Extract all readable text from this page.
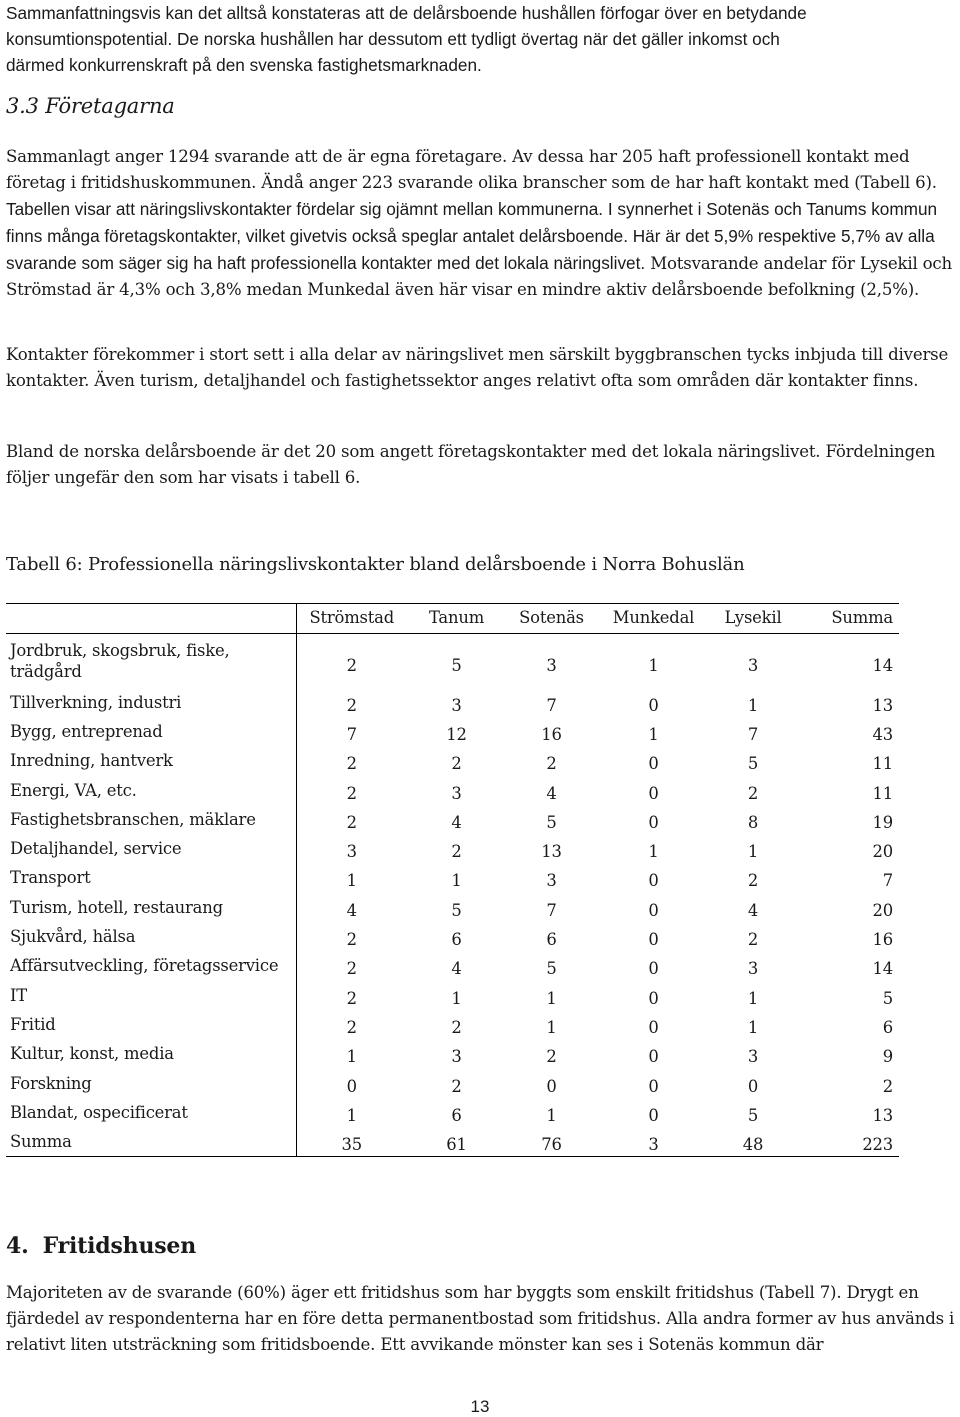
Sammanfattningsvis kan det alltså konstateras att de delårsboende hushållen förfogar över en betydande
konsumtionspotential. De norska hushållen har dessutom ett tydligt övertag när det gäller inkomst och
därmed konkurrenskraft på den svenska fastighetsmarknaden.

3.3 Företagarna

Sammanlagt anger 1294 svarande att de är egna företagare. Av dessa har 205 haft professionell kontakt med företag i fritidshuskommunen. Ändå anger 223 svarande olika branscher som de har haft kontakt med (Tabell 6). Tabellen visar att näringslivskontakter fördelar sig ojämnt mellan kommunerna. I synnerhet i Sotenäs och Tanums kommun finns många företagskontakter, vilket givetvis också speglar antalet delårsboende. Här är det 5,9% respektive 5,7% av alla svarande som säger sig ha haft professionella kontakter med det lokala näringslivet. Motsvarande andelar för Lysekil och Strömstad är 4,3% och 3,8% medan Munkedal även här visar en mindre aktiv delårsboende befolkning (2,5%).

Kontakter förekommer i stort sett i alla delar av näringslivet men särskilt byggbranschen tycks inbjuda till diverse kontakter. Även turism, detaljhandel och fastighetssektor anges relativt ofta som områden där kontakter finns.

Bland de norska delårsboende är det 20 som angett företagskontakter med det lokala näringslivet. Fördelningen följer ungefär den som har visats i tabell 6.

Tabell 6: Professionella näringslivskontakter bland delårsboende i Norra Bohuslän
	Strömstad	Tanum	Sotenäs	Munkedal	Lysekil	Summa
Jordbruk, skogsbruk, fiske, trädgård	2	5	3	1	3	14
Tillverkning, industri	2	3	7	0	1	13
Bygg, entreprenad	7	12	16	1	7	43
Inredning, hantverk	2	2	2	0	5	11
Energi, VA, etc.	2	3	4	0	2	11
Fastighetsbranschen, mäklare	2	4	5	0	8	19
Detaljhandel, service	3	2	13	1	1	20
Transport	1	1	3	0	2	7
Turism, hotell, restaurang	4	5	7	0	4	20
Sjukvård, hälsa	2	6	6	0	2	16
Affärsutveckling, företagsservice	2	4	5	0	3	14
IT	2	1	1	0	1	5
Fritid	2	2	1	0	1	6
Kultur, konst, media	1	3	2	0	3	9
Forskning	0	2	0	0	0	2
Blandat, ospecificerat	1	6	1	0	5	13
Summa	35	61	76	3	48	223
4. Fritidshusen

Majoriteten av de svarande (60%) äger ett fritidshus som har byggts som enskilt fritidshus (Tabell 7). Drygt en fjärdedel av respondenterna har en före detta permanentbostad som fritidshus. Alla andra former av hus används i relativt liten utsträckning som fritidsboende. Ett avvikande mönster kan ses i Sotenäs kommun där

13
